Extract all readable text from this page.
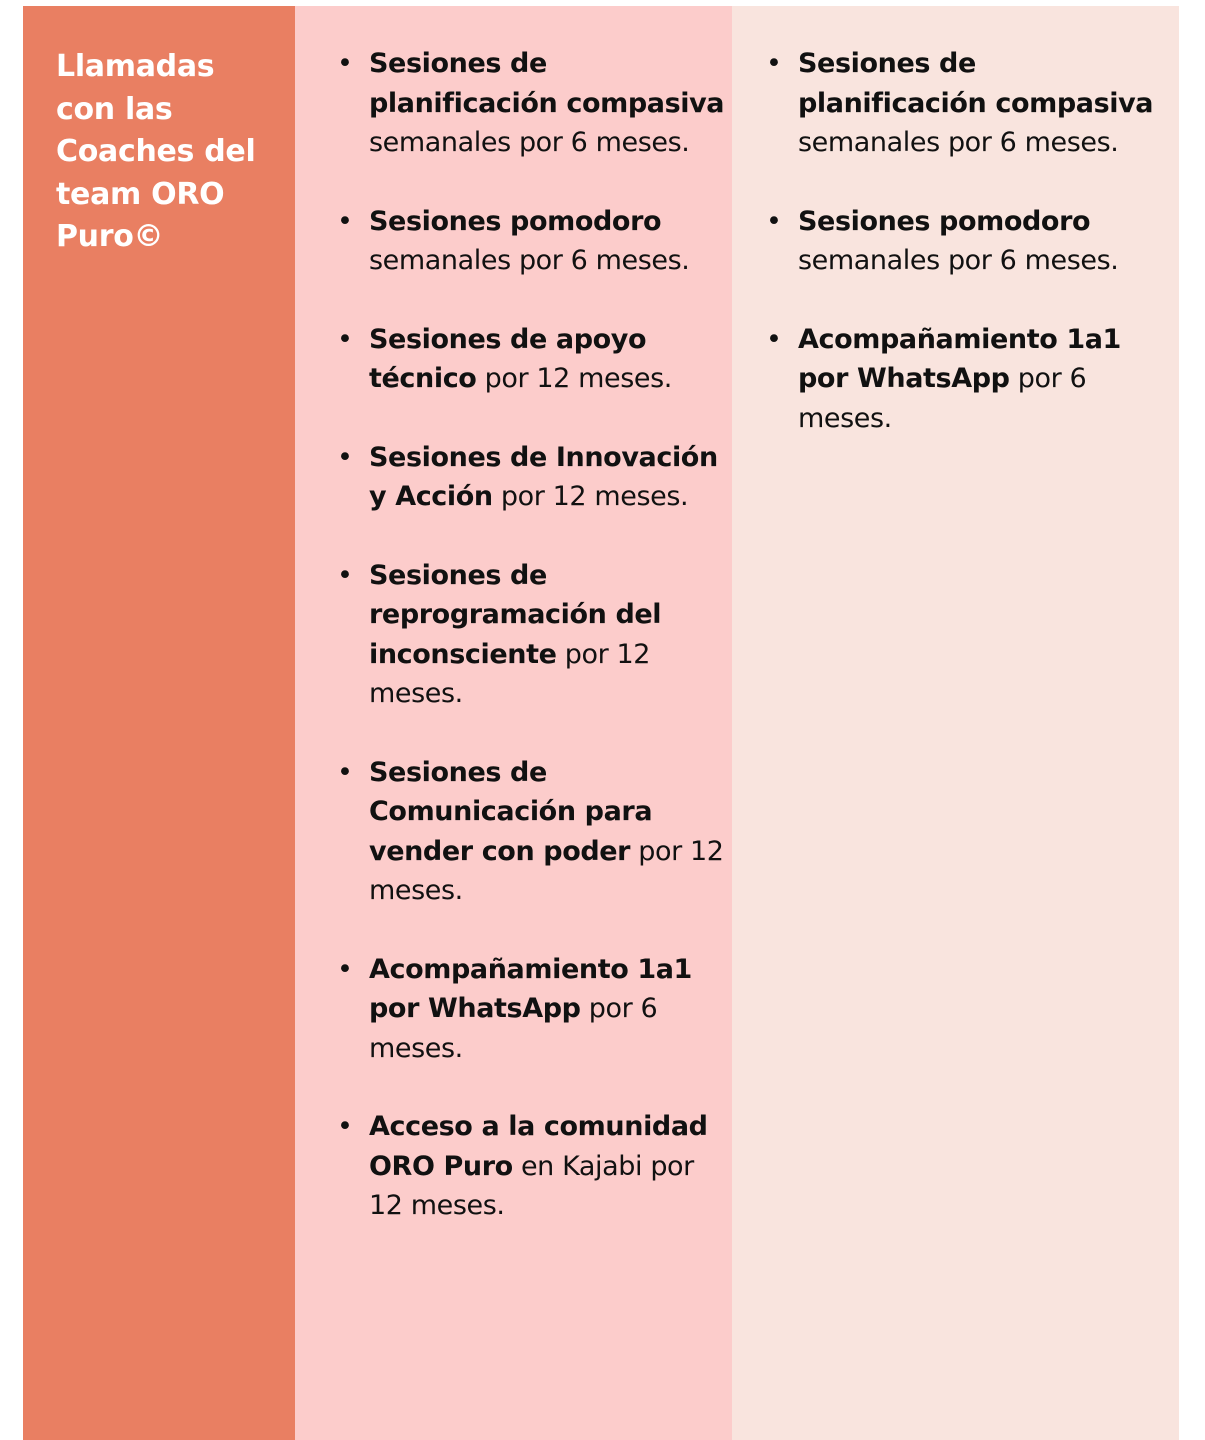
Llamadas con las Coaches del team ORO Puro©
• Sesiones de planificación compasiva semanales por 6 meses.
• Sesiones pomodoro semanales por 6 meses.
• Sesiones de apoyo técnico por 12 meses.
• Sesiones de Innovación y Acción por 12 meses.
• Sesiones de reprogramación del inconsciente por 12 meses.
• Sesiones de Comunicación para vender con poder por 12 meses.
• Acompañamiento 1a1 por WhatsApp por 6 meses.
• Acceso a la comunidad ORO Puro en Kajabi por 12 meses.
• Sesiones de planificación compasiva semanales por 6 meses.
• Sesiones pomodoro semanales por 6 meses.
• Acompañamiento 1a1 por WhatsApp por 6 meses.
